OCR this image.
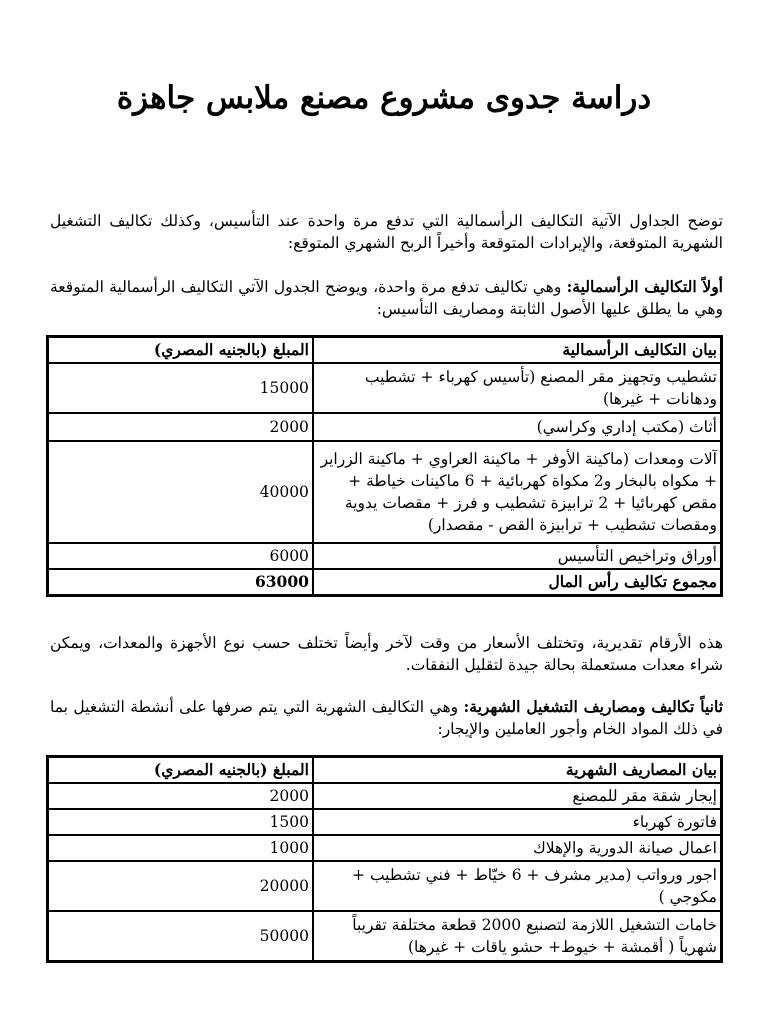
دراسة جدوى مشروع مصنع ملابس جاهزة

توضح الجداول الآتية التكاليف الرأسمالية التي تدفع مرة واحدة عند التأسيس، وكذلك تكاليف التشغيل الشهرية المتوقعة، والإيرادات المتوقعة وأخيراً الربح الشهري المتوقع:

أولاً التكاليف الرأسمالية: وهي تكاليف تدفع مرة واحدة، ويوضح الجدول الآتي التكاليف الرأسمالية المتوقعة وهي ما يطلق عليها الأصول الثابتة ومصاريف التأسيس:

بيان التكاليف الرأسمالية	المبلغ (بالجنيه المصري)
تشطيب وتجهيز مقر المصنع (تأسيس كهرباء + تشطيب ودهانات + غيرها)	15000
أثاث (مكتب إداري وكراسي)	2000
آلات ومعدات (ماكينة الأوفر + ماكينة العراوي + ماكينة الزراير + مكواه بالبخار و2 مكواة كهربائية + 6 ماكينات خياطة + مقص كهربائيا + 2 ترابيزة تشطيب و فرز + مقصات يدوية ومقصات تشطيب + ترابيزة القص - مقصدار)	40000
أوراق وتراخيص التأسيس	6000
مجموع تكاليف رأس المال	63000

هذه الأرقام تقديرية، وتختلف الأسعار من وقت لآخر وأيضاً تختلف حسب نوع الأجهزة والمعدات، ويمكن شراء معدات مستعملة بحالة جيدة لتقليل النفقات.

ثانياً تكاليف ومصاريف التشغيل الشهرية: وهي التكاليف الشهرية التي يتم صرفها على أنشطة التشغيل بما في ذلك المواد الخام وأجور العاملين والإيجار:

بيان المصاريف الشهرية	المبلغ (بالجنيه المصري)
إيجار شقة مقر للمصنع	2000
فاتورة كهرباء	1500
اعمال صيانة الدورية والإهلاك	1000
اجور ورواتب (مدير مشرف + 6 خيّاط + فني تشطيب + مكوجي )	20000
خامات التشغيل اللازمة لتصنيع 2000 قطعة مختلفة تقريباً شهرياً ( أقمشة + خيوط+ حشو ياقات + غيرها)	50000
